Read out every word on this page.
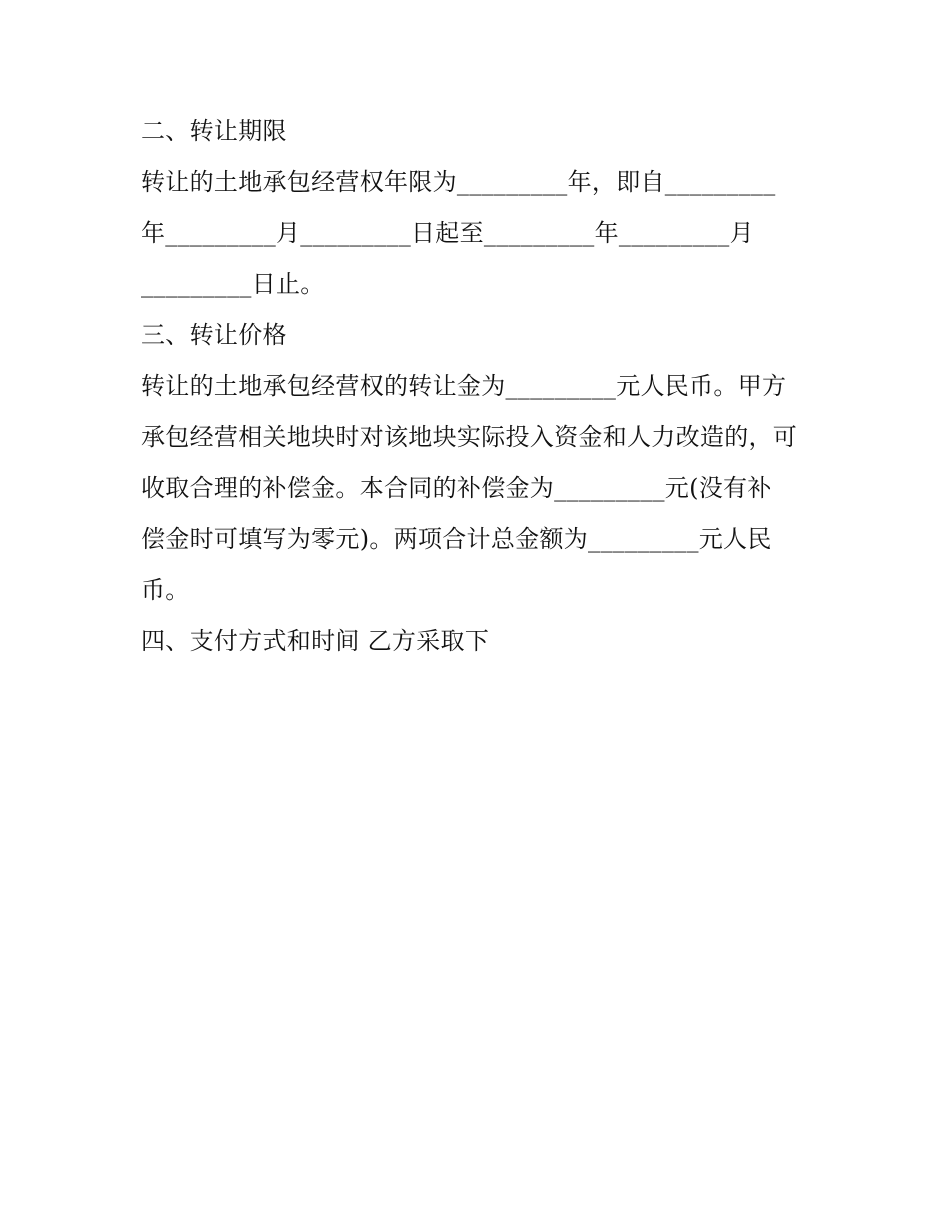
二、转让期限
转让的土地承包经营权年限为_________年，即自_________
年_________月_________日起至_________年_________月
_________日止。
三、转让价格
转让的土地承包经营权的转让金为_________元人民币。甲方
承包经营相关地块时对该地块实际投入资金和人力改造的，可
收取合理的补偿金。本合同的补偿金为_________元(没有补
偿金时可填写为零元)。两项合计总金额为_________元人民
币。
四、支付方式和时间 乙方采取下
